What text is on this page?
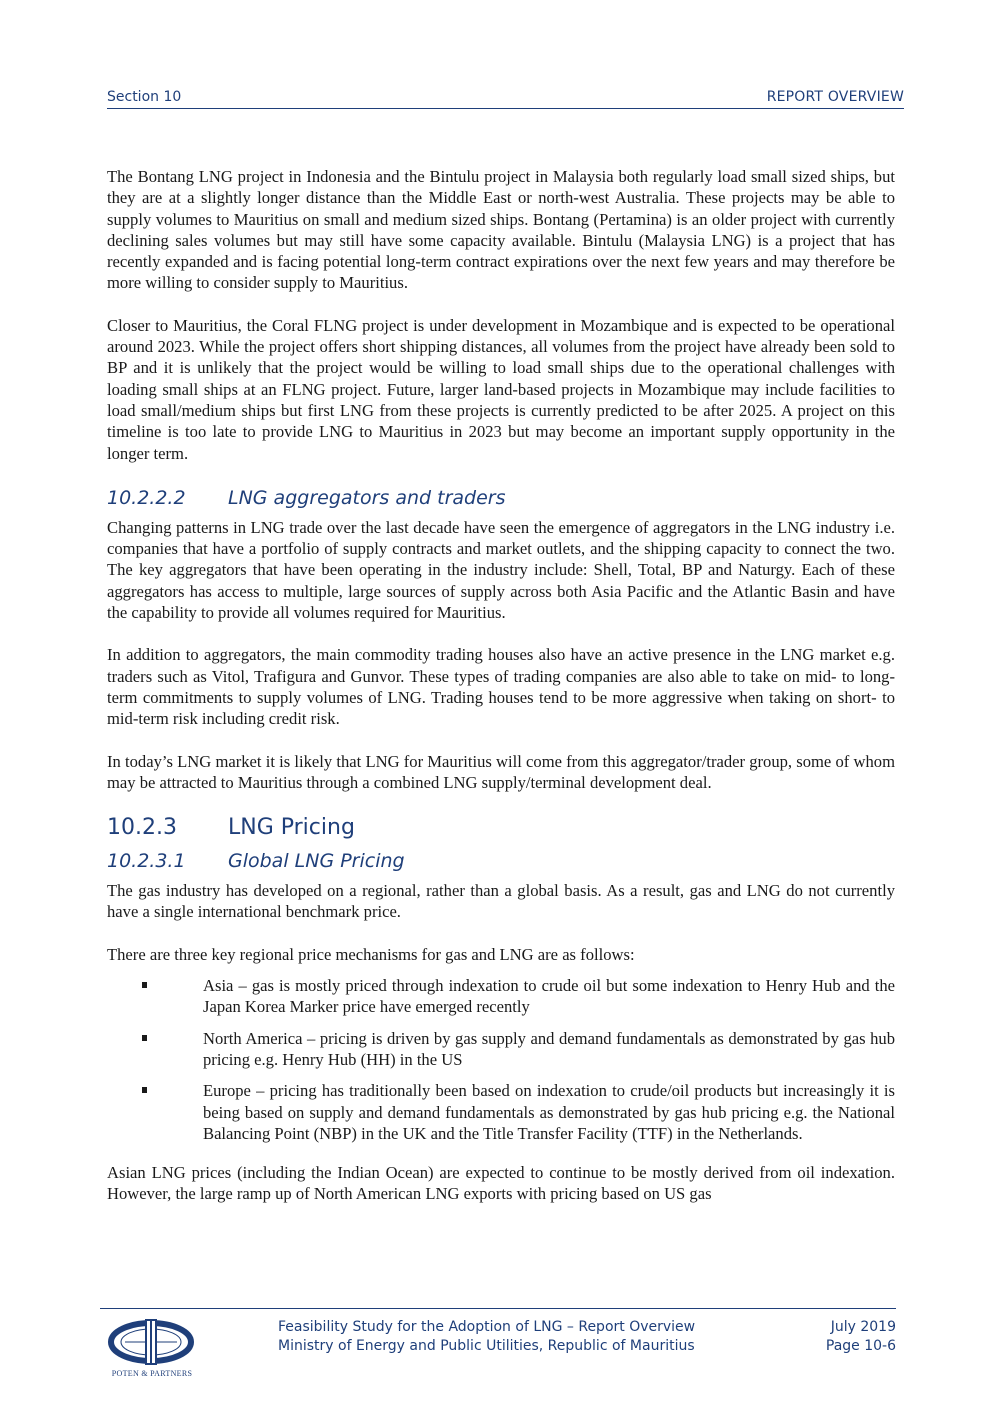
Section 10	REPORT OVERVIEW

The Bontang LNG project in Indonesia and the Bintulu project in Malaysia both regularly load small sized ships, but they are at a slightly longer distance than the Middle East or north-west Australia. These projects may be able to supply volumes to Mauritius on small and medium sized ships. Bontang (Pertamina) is an older project with currently declining sales volumes but may still have some capacity available. Bintulu (Malaysia LNG) is a project that has recently expanded and is facing potential long-term contract expirations over the next few years and may therefore be more willing to consider supply to Mauritius.

Closer to Mauritius, the Coral FLNG project is under development in Mozambique and is expected to be operational around 2023. While the project offers short shipping distances, all volumes from the project have already been sold to BP and it is unlikely that the project would be willing to load small ships due to the operational challenges with loading small ships at an FLNG project. Future, larger land-based projects in Mozambique may include facilities to load small/medium ships but first LNG from these projects is currently predicted to be after 2025. A project on this timeline is too late to provide LNG to Mauritius in 2023 but may become an important supply opportunity in the longer term.

10.2.2.2	LNG aggregators and traders

Changing patterns in LNG trade over the last decade have seen the emergence of aggregators in the LNG industry i.e. companies that have a portfolio of supply contracts and market outlets, and the shipping capacity to connect the two. The key aggregators that have been operating in the industry include: Shell, Total, BP and Naturgy. Each of these aggregators has access to multiple, large sources of supply across both Asia Pacific and the Atlantic Basin and have the capability to provide all volumes required for Mauritius.

In addition to aggregators, the main commodity trading houses also have an active presence in the LNG market e.g. traders such as Vitol, Trafigura and Gunvor. These types of trading companies are also able to take on mid- to long-term commitments to supply volumes of LNG. Trading houses tend to be more aggressive when taking on short- to mid-term risk including credit risk.

In today’s LNG market it is likely that LNG for Mauritius will come from this aggregator/trader group, some of whom may be attracted to Mauritius through a combined LNG supply/terminal development deal.

10.2.3	LNG Pricing
10.2.3.1	Global LNG Pricing

The gas industry has developed on a regional, rather than a global basis. As a result, gas and LNG do not currently have a single international benchmark price.

There are three key regional price mechanisms for gas and LNG are as follows:

Asia – gas is mostly priced through indexation to crude oil but some indexation to Henry Hub and the Japan Korea Marker price have emerged recently
North America – pricing is driven by gas supply and demand fundamentals as demonstrated by gas hub pricing e.g. Henry Hub (HH) in the US
Europe – pricing has traditionally been based on indexation to crude/oil products but increasingly it is being based on supply and demand fundamentals as demonstrated by gas hub pricing e.g. the National Balancing Point (NBP) in the UK and the Title Transfer Facility (TTF) in the Netherlands.

Asian LNG prices (including the Indian Ocean) are expected to continue to be mostly derived from oil indexation. However, the large ramp up of North American LNG exports with pricing based on US gas

POTEN & PARTNERS
Feasibility Study for the Adoption of LNG – Report Overview
Ministry of Energy and Public Utilities, Republic of Mauritius
July 2019
Page 10-6
